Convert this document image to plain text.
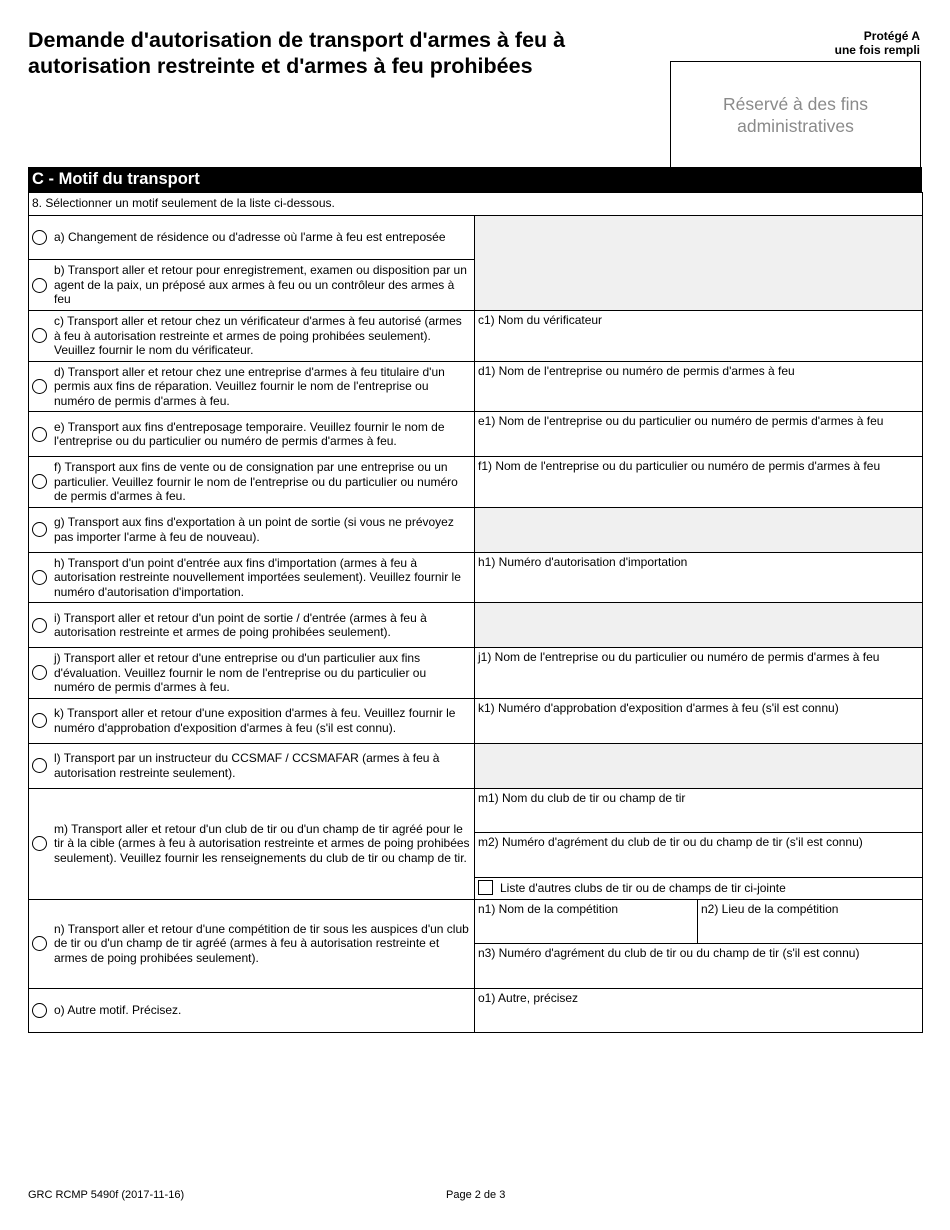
Demande d'autorisation de transport d'armes à feu à
autorisation restreinte et d'armes à feu prohibées
Protégé A
une fois rempli
Réservé à des fins
administratives
C - Motif du transport
8. Sélectionner un motif seulement de la liste ci-dessous.		

a) Changement de résidence ou d'adresse où l'arme à feu est entreposée		

b) Transport aller et retour pour enregistrement, examen ou disposition par un agent de la paix, un préposé aux armes à feu ou un contrôleur des armes à feu		

c) Transport aller et retour chez un vérificateur d'armes à feu autorisé (armes à feu à autorisation restreinte et armes de poing prohibées seulement). Veuillez fournir le nom du vérificateur.	c1) Nom du vérificateur	

d) Transport aller et retour chez une entreprise d'armes à feu titulaire d'un permis aux fins de réparation. Veuillez fournir le nom de l'entreprise ou numéro de permis d'armes à feu.	d1) Nom de l'entreprise ou numéro de permis d'armes à feu	

e) Transport aux fins d'entreposage temporaire. Veuillez fournir le nom de l'entreprise ou du particulier ou numéro de permis d'armes à feu.	e1) Nom de l'entreprise ou du particulier ou numéro de permis d'armes à feu	

f) Transport aux fins de vente ou de consignation par une entreprise ou un particulier. Veuillez fournir le nom de l'entreprise ou du particulier ou numéro de permis d'armes à feu.	f1) Nom de l'entreprise ou du particulier ou numéro de permis d'armes à feu	

g) Transport aux fins d'exportation à un point de sortie (si vous ne prévoyez pas importer l'arme à feu de nouveau).		

h) Transport d'un point d'entrée aux fins d'importation (armes à feu à autorisation restreinte nouvellement importées seulement). Veuillez fournir le numéro d'autorisation d'importation.	h1) Numéro d'autorisation d'importation	

i) Transport aller et retour d'un point de sortie / d'entrée (armes à feu à autorisation restreinte et armes de poing prohibées seulement).		

j) Transport aller et retour d'une entreprise ou d'un particulier aux fins d'évaluation. Veuillez fournir le nom de l'entreprise ou du particulier ou numéro de permis d'armes à feu.	j1) Nom de l'entreprise ou du particulier ou numéro de permis d'armes à feu	

k) Transport aller et retour d'une exposition d'armes à feu. Veuillez fournir le numéro d'approbation d'exposition d'armes à feu (s'il est connu).	k1) Numéro d'approbation d'exposition d'armes à feu (s'il est connu)	

l) Transport par un instructeur du CCSMAF / CCSMAFAR (armes à feu à autorisation restreinte seulement).		

m) Transport aller et retour d'un club de tir ou d'un champ de tir agréé pour le tir à la cible (armes à feu à autorisation restreinte et armes de poing prohibées seulement). Veuillez fournir les renseignements du club de tir ou champ de tir.	m1) Nom du club de tir ou champ de tir	

	m2) Numéro d'agrément du club de tir ou du champ de tir (s'il est connu)	

	Liste d'autres clubs de tir ou de champs de tir ci-jointe	

n) Transport aller et retour d'une compétition de tir sous les auspices d'un club de tir ou d'un champ de tir agréé (armes à feu à autorisation restreinte et armes de poing prohibées seulement).	n1) Nom de la compétition	n2) Lieu de la compétition

	n3) Numéro d'agrément du club de tir ou du champ de tir (s'il est connu)	

o) Autre motif. Précisez.	o1) Autre, précisez	
GRC RCMP 5490f (2017-11-16)	Page 2 de 3
